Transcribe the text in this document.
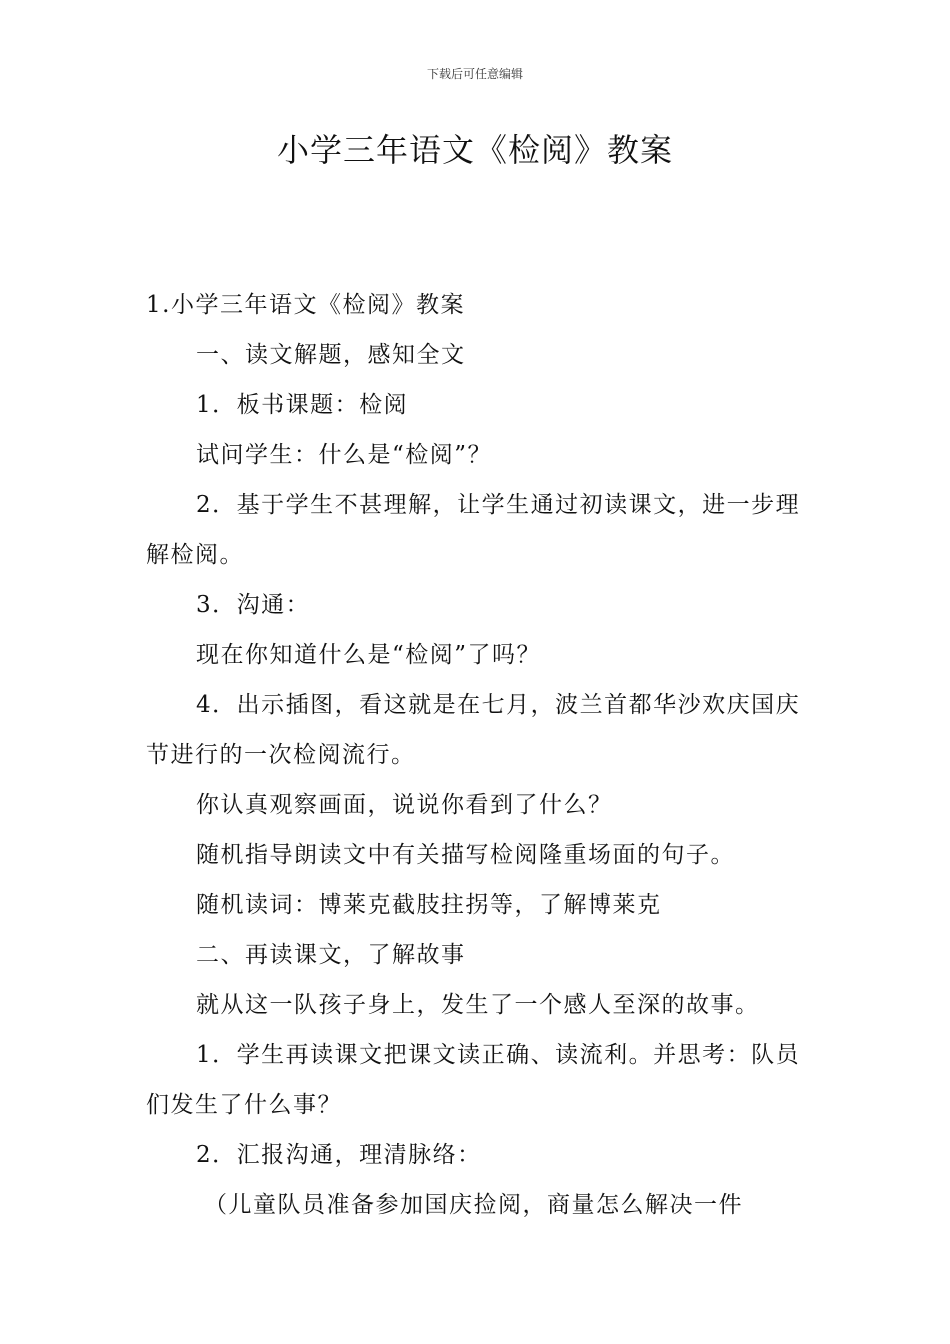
下载后可任意编辑
小学三年语文《检阅》教案

1.小学三年语文《检阅》教案

一、读文解题，感知全文

1．板书课题：检阅

试问学生：什么是“检阅”？

2．基于学生不甚理解，让学生通过初读课文，进一步理解检阅。

3．沟通：

现在你知道什么是“检阅”了吗？

4．出示插图，看这就是在七月，波兰首都华沙欢庆国庆节进行的一次检阅流行。

你认真观察画面，说说你看到了什么？

随机指导朗读文中有关描写检阅隆重场面的句子。

随机读词：博莱克截肢拄拐等，了解博莱克

二、再读课文，了解故事

就从这一队孩子身上，发生了一个感人至深的故事。

1．学生再读课文把课文读正确、读流利。并思考：队员们发生了什么事？

2．汇报沟通，理清脉络：

（儿童队员准备参加国庆捡阅，商量怎么解决一件
